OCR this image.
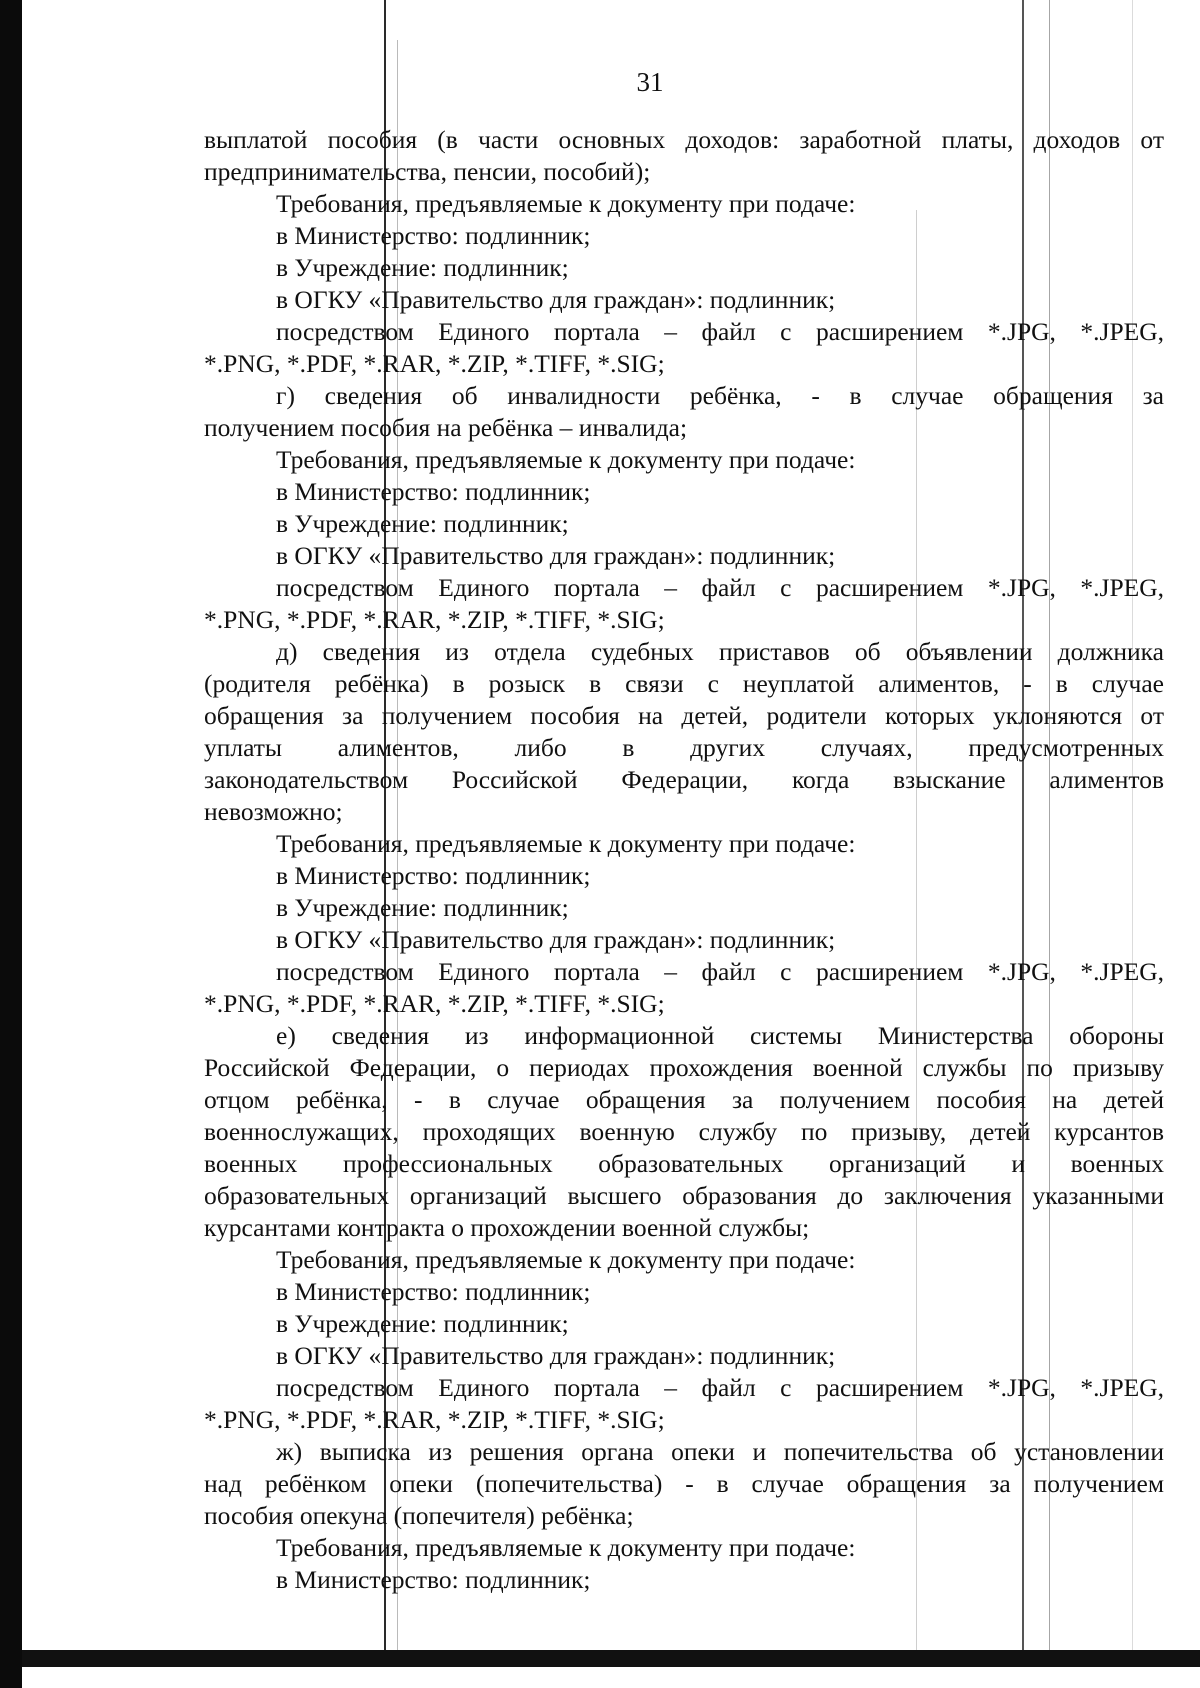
31
выплатой пособия (в части основных доходов: заработной платы, доходов от
предпринимательства, пенсии, пособий);
Требования, предъявляемые к документу при подаче:
в Министерство: подлинник;
в Учреждение: подлинник;
в ОГКУ «Правительство для граждан»: подлинник;
посредством Единого портала – файл с расширением *.JPG, *.JPEG,
*.PNG, *.PDF, *.RAR, *.ZIP, *.TIFF, *.SIG;
г) сведения об инвалидности ребёнка, - в случае обращения за
получением пособия на ребёнка – инвалида;
Требования, предъявляемые к документу при подаче:
в Министерство: подлинник;
в Учреждение: подлинник;
в ОГКУ «Правительство для граждан»: подлинник;
посредством Единого портала – файл с расширением *.JPG, *.JPEG,
*.PNG, *.PDF, *.RAR, *.ZIP, *.TIFF, *.SIG;
д) сведения из отдела судебных приставов об объявлении должника
(родителя ребёнка) в розыск в связи с неуплатой алиментов, - в случае
обращения за получением пособия на детей, родители которых уклоняются от
уплаты алиментов, либо в других случаях, предусмотренных
законодательством Российской Федерации, когда взыскание алиментов
невозможно;
Требования, предъявляемые к документу при подаче:
в Министерство: подлинник;
в Учреждение: подлинник;
в ОГКУ «Правительство для граждан»: подлинник;
посредством Единого портала – файл с расширением *.JPG, *.JPEG,
*.PNG, *.PDF, *.RAR, *.ZIP, *.TIFF, *.SIG;
е) сведения из информационной системы Министерства обороны
Российской Федерации, о периодах прохождения военной службы по призыву
отцом ребёнка, - в случае обращения за получением пособия на детей
военнослужащих, проходящих военную службу по призыву, детей курсантов
военных профессиональных образовательных организаций и военных
образовательных организаций высшего образования до заключения указанными
курсантами контракта о прохождении военной службы;
Требования, предъявляемые к документу при подаче:
в Министерство: подлинник;
в Учреждение: подлинник;
в ОГКУ «Правительство для граждан»: подлинник;
посредством Единого портала – файл с расширением *.JPG, *.JPEG,
*.PNG, *.PDF, *.RAR, *.ZIP, *.TIFF, *.SIG;
ж) выписка из решения органа опеки и попечительства об установлении
над ребёнком опеки (попечительства) - в случае обращения за получением
пособия опекуна (попечителя) ребёнка;
Требования, предъявляемые к документу при подаче:
в Министерство: подлинник;
